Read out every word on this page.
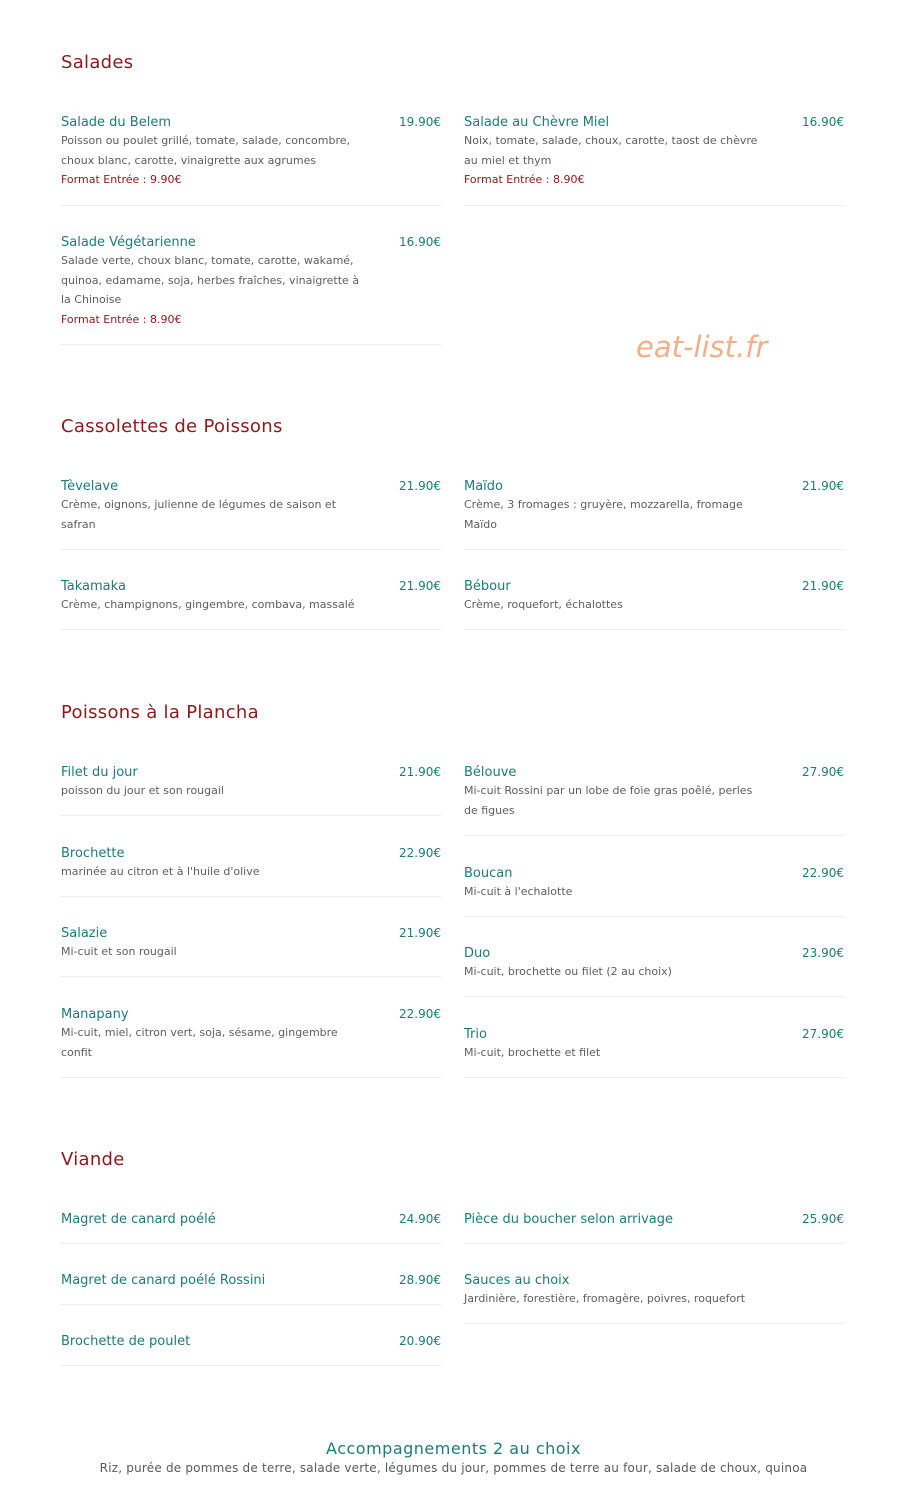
eat-list.fr
Salades
Salade du Belem	19.90€
Poisson ou poulet grillé, tomate, salade, concombre, choux blanc, carotte, vinaigrette aux agrumes
Format Entrée : 9.90€
Salade Végétarienne	16.90€
Salade verte, choux blanc, tomate, carotte, wakamé, quinoa, edamame, soja, herbes fraîches, vinaigrette à la Chinoise
Format Entrée : 8.90€
Salade au Chèvre Miel	16.90€
Noix, tomate, salade, choux, carotte, taost de chèvre au miel et thym
Format Entrée : 8.90€
Cassolettes de Poissons
Tèvelave	21.90€
Crème, oignons, julienne de légumes de saison et safran
Takamaka	21.90€
Crème, champignons, gingembre, combava, massalé
Maïdo	21.90€
Crème, 3 fromages : gruyère, mozzarella, fromage Maïdo
Bébour	21.90€
Crème, roquefort, échalottes
Poissons à la Plancha
Filet du jour	21.90€
poisson du jour et son rougail
Brochette	22.90€
marinée au citron et à l'huile d'olive
Salazie	21.90€
Mi-cuit et son rougail
Manapany	22.90€
Mi-cuit, miel, citron vert, soja, sésame, gingembre confit
Bélouve	27.90€
Mi-cuit Rossini par un lobe de foie gras poêlé, perles de figues
Boucan	22.90€
Mi-cuit à l'echalotte
Duo	23.90€
Mi-cuit, brochette ou filet (2 au choix)
Trio	27.90€
Mi-cuit, brochette et filet
Viande
Magret de canard poélé	24.90€
Magret de canard poélé Rossini	28.90€
Brochette de poulet	20.90€
Pièce du boucher selon arrivage	25.90€
Sauces au choix
Jardinière, forestière, fromagère, poivres, roquefort
Accompagnements 2 au choix
Riz, purée de pommes de terre, salade verte, légumes du jour, pommes de terre au four, salade de choux, quinoa
